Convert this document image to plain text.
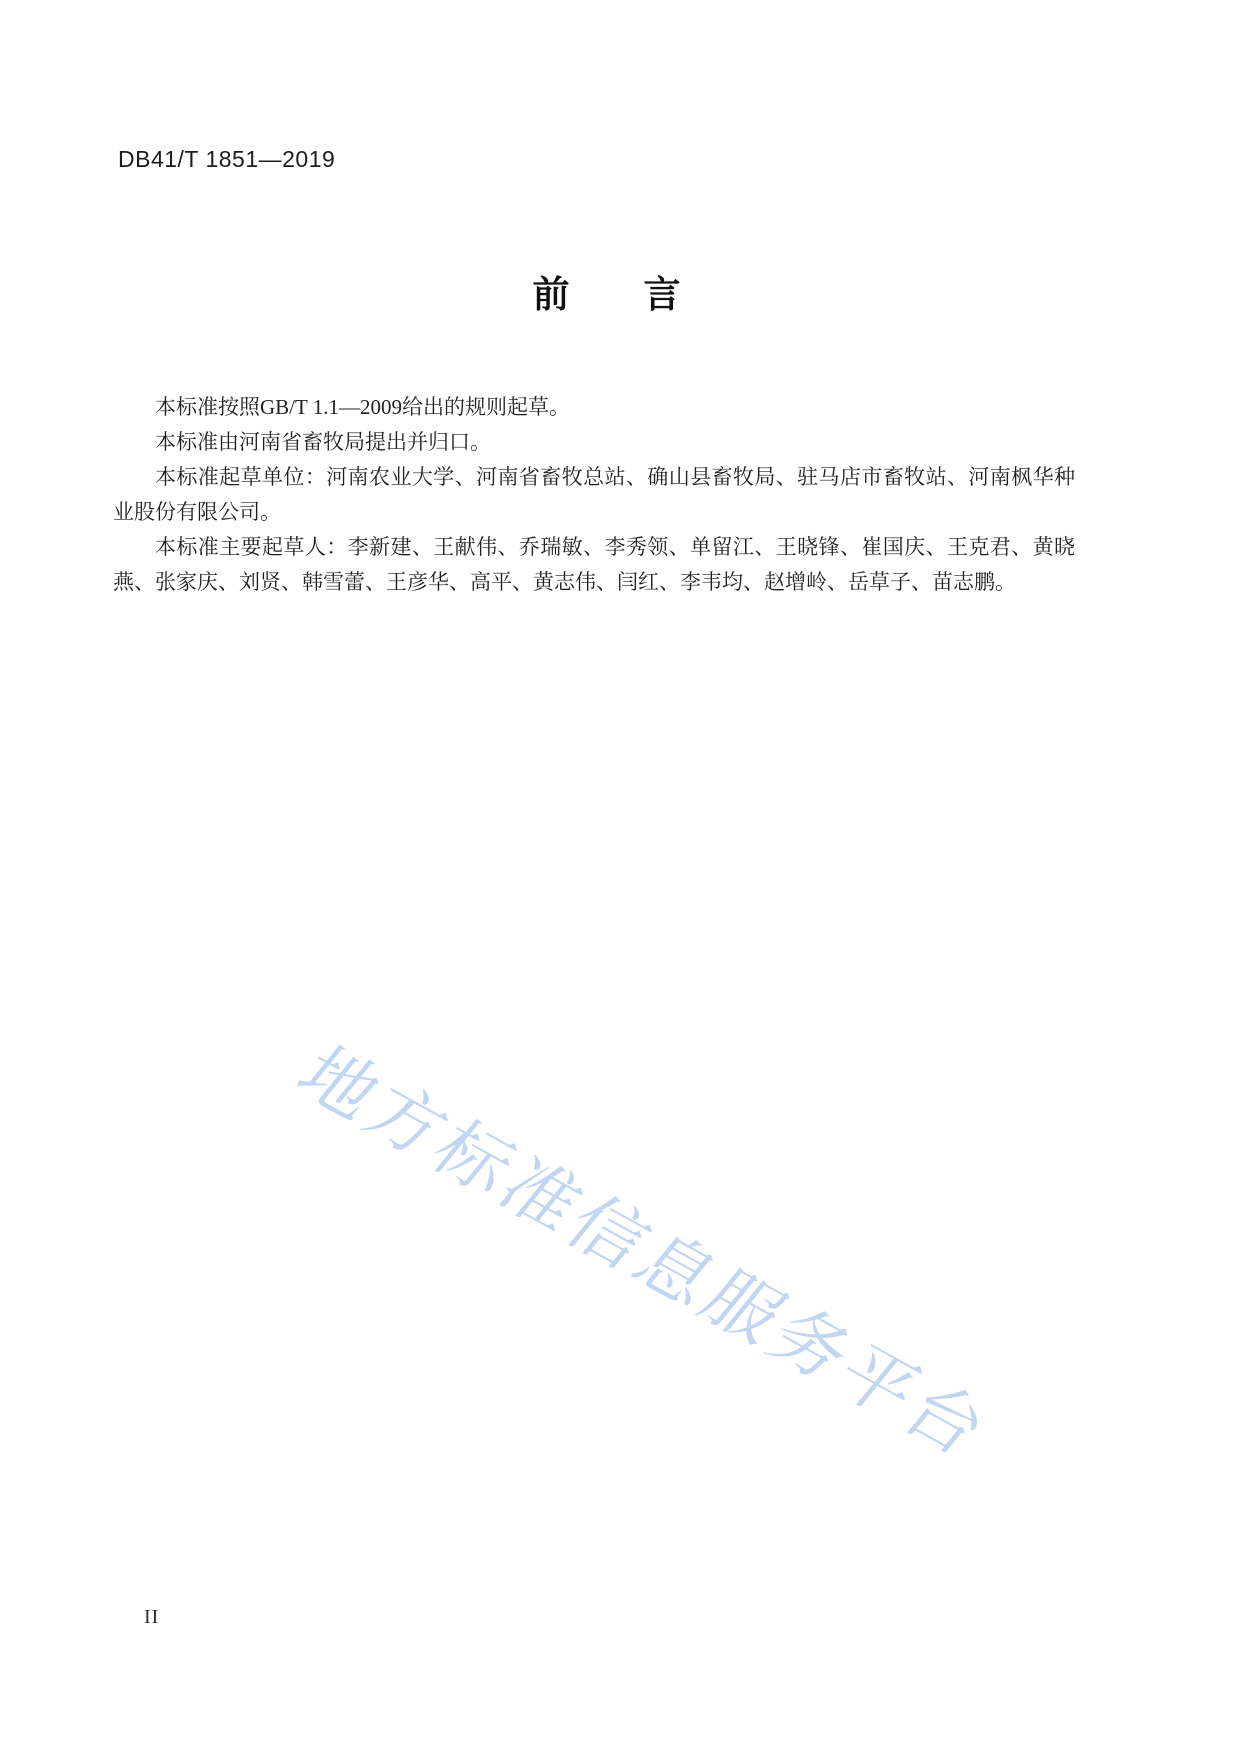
地方标准信息服务平台
DB41/T 1851—2019
前　　言

本标准按照GB/T 1.1—2009给出的规则起草。

本标准由河南省畜牧局提出并归口。

本标准起草单位：河南农业大学、河南省畜牧总站、确山县畜牧局、驻马店市畜牧站、河南枫华种业股份有限公司。

本标准主要起草人：李新建、王献伟、乔瑞敏、李秀领、单留江、王晓锋、崔国庆、王克君、黄晓燕、张家庆、刘贤、韩雪蕾、王彦华、高平、黄志伟、闫红、李韦均、赵增岭、岳草子、苗志鹏。

II
